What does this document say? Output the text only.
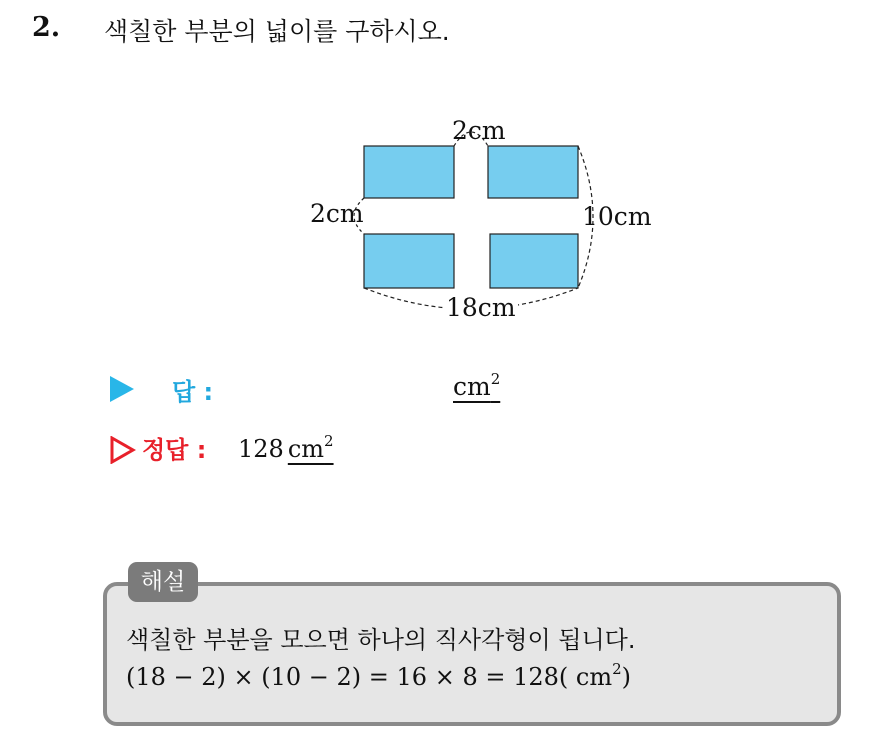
2. 색칠한 부분의 넓이를 구하시오.
2cm
2cm	10cm
18cm
답 :	$cm^2$
정답 : 128 $cm^2$
해설
색칠한 부분을 모으면 하나의 직사각형이 됩니다.
(18 − 2) × (10 − 2) = 16 × 8 = 128( $cm^2$)
